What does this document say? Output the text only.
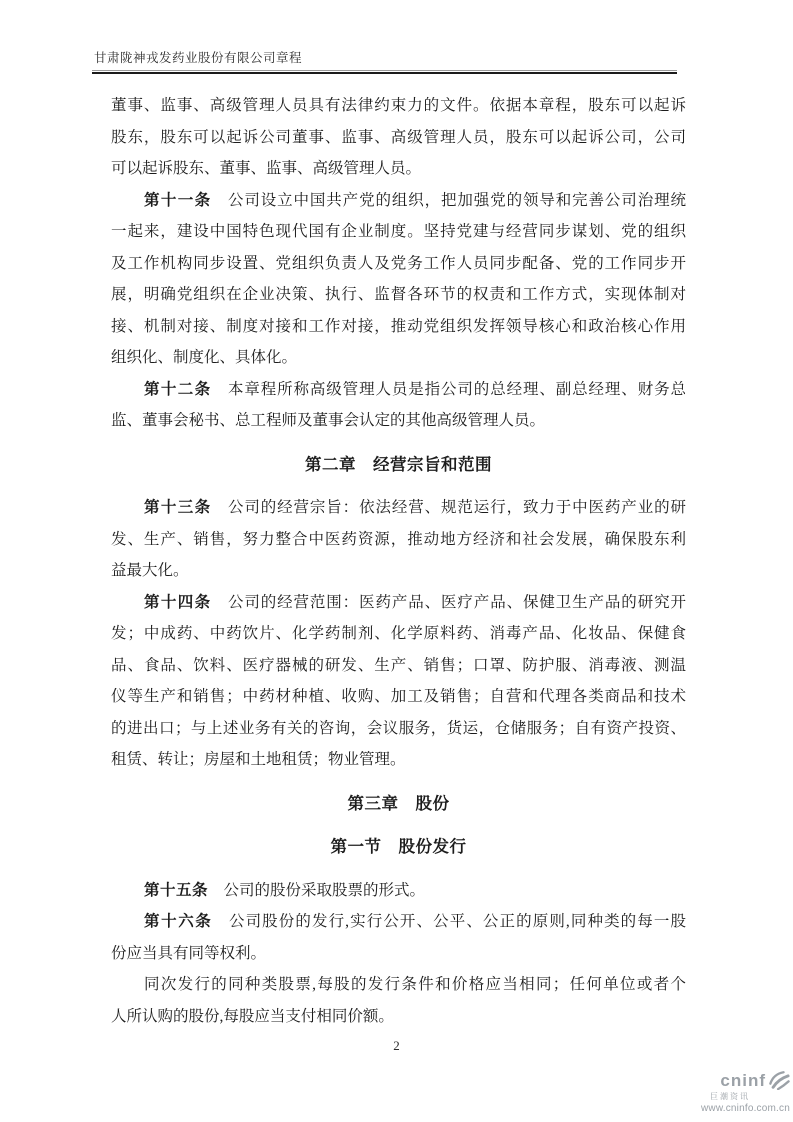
甘肃陇神戎发药业股份有限公司章程
董事、监事、高级管理人员具有法律约束力的文件。依据本章程，股东可以起诉
股东，股东可以起诉公司董事、监事、高级管理人员，股东可以起诉公司，公司
可以起诉股东、董事、监事、高级管理人员。
第十一条　公司设立中国共产党的组织，把加强党的领导和完善公司治理统
一起来，建设中国特色现代国有企业制度。坚持党建与经营同步谋划、党的组织
及工作机构同步设置、党组织负责人及党务工作人员同步配备、党的工作同步开
展，明确党组织在企业决策、执行、监督各环节的权责和工作方式，实现体制对
接、机制对接、制度对接和工作对接，推动党组织发挥领导核心和政治核心作用
组织化、制度化、具体化。
第十二条　本章程所称高级管理人员是指公司的总经理、副总经理、财务总
监、董事会秘书、总工程师及董事会认定的其他高级管理人员。
第二章　经营宗旨和范围
第十三条　公司的经营宗旨：依法经营、规范运行，致力于中医药产业的研
发、生产、销售，努力整合中医药资源，推动地方经济和社会发展，确保股东利
益最大化。
第十四条　公司的经营范围：医药产品、医疗产品、保健卫生产品的研究开
发；中成药、中药饮片、化学药制剂、化学原料药、消毒产品、化妆品、保健食
品、食品、饮料、医疗器械的研发、生产、销售；口罩、防护服、消毒液、测温
仪等生产和销售；中药材种植、收购、加工及销售；自营和代理各类商品和技术
的进出口；与上述业务有关的咨询，会议服务，货运，仓储服务；自有资产投资、
租赁、转让；房屋和土地租赁；物业管理。
第三章　股份
第一节　股份发行
第十五条　公司的股份采取股票的形式。
第十六条　公司股份的发行,实行公开、公平、公正的原则,同种类的每一股
份应当具有同等权利。
同次发行的同种类股票,每股的发行条件和价格应当相同；任何单位或者个
人所认购的股份,每股应当支付相同价额。
2
cninf
巨潮资讯
www.cninfo.com.cn
